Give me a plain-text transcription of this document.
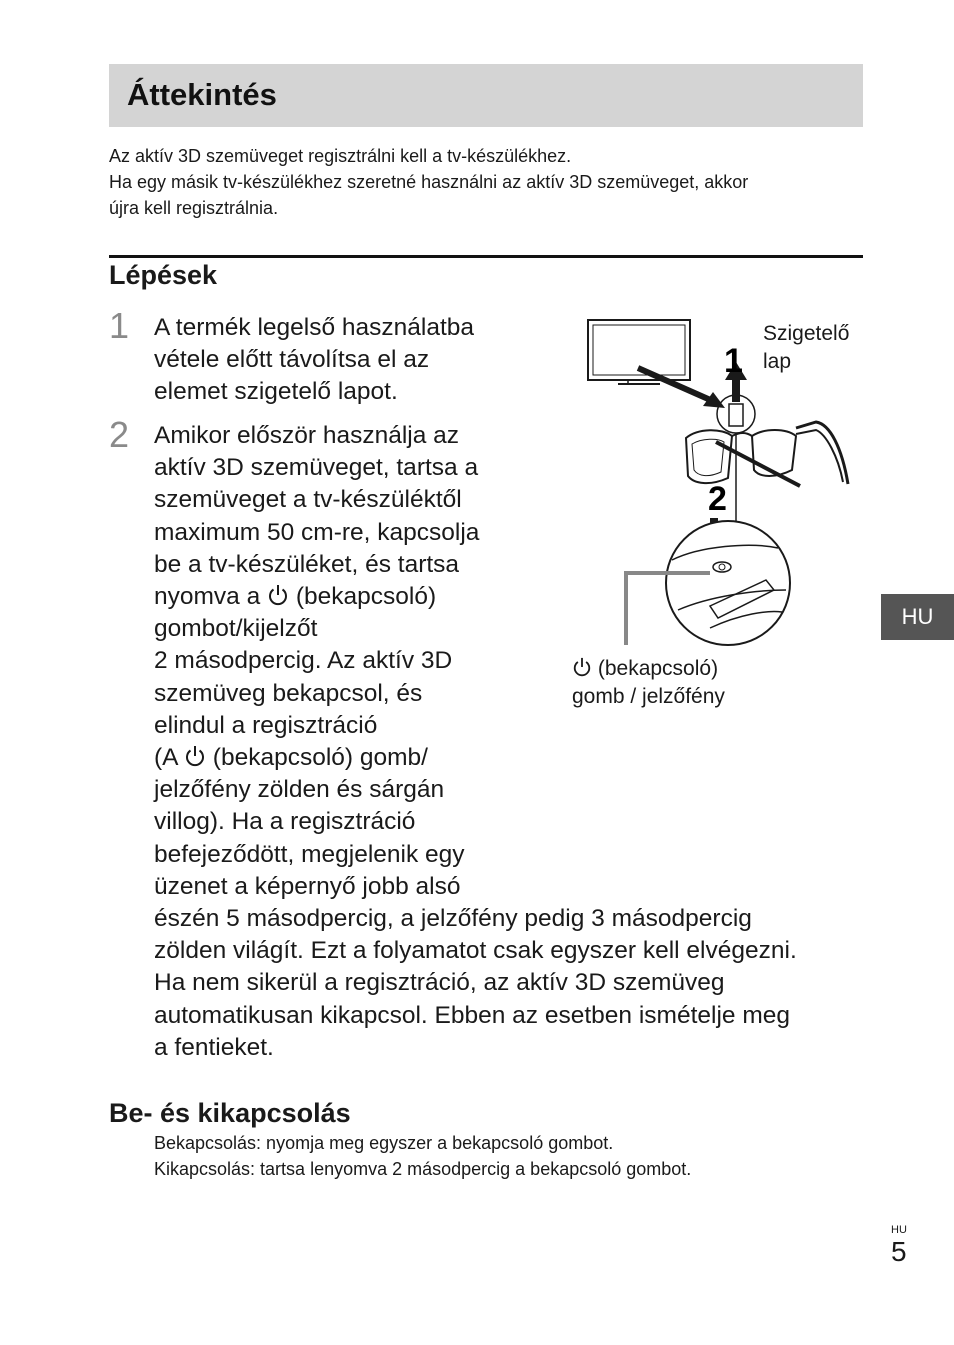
Áttekintés
Az aktív 3D szemüveget regisztrálni kell a tv-készülékhez.
Ha egy másik tv-készülékhez szeretné használni az aktív 3D szemüveget, akkor
újra kell regisztrálnia.
Lépések
1 A termék legelső használatba
vétele előtt távolítsa el az
elemet szigetelő lapot.
2 Amikor először használja az
aktív 3D szemüveget, tartsa a
szemüveget a tv-készüléktől
maximum 50 cm-re, kapcsolja
be a tv-készüléket, és tartsa
nyomva a (bekapcsoló)
gombot/kijelzőt
2 másodpercig. Az aktív 3D
szemüveg bekapcsol, és
elindul a regisztráció
(A (bekapcsoló) gomb/
jelzőfény zölden és sárgán
villog). Ha a regisztráció
befejeződött, megjelenik egy
üzenet a képernyő jobb alsó
észén 5 másodpercig, a jelzőfény pedig 3 másodpercig
zölden világít. Ezt a folyamatot csak egyszer kell elvégezni.
Ha nem sikerül a regisztráció, az aktív 3D szemüveg
automatikusan kikapcsol. Ebben az esetben ismételje meg
a fentieket.
1
2
Szigetelő
lap
(bekapcsoló)
gomb / jelzőfény
Be- és kikapcsolás
Bekapcsolás: nyomja meg egyszer a bekapcsoló gombot.
Kikapcsolás: tartsa lenyomva 2 másodpercig a bekapcsoló gombot.
HU
HU
5
